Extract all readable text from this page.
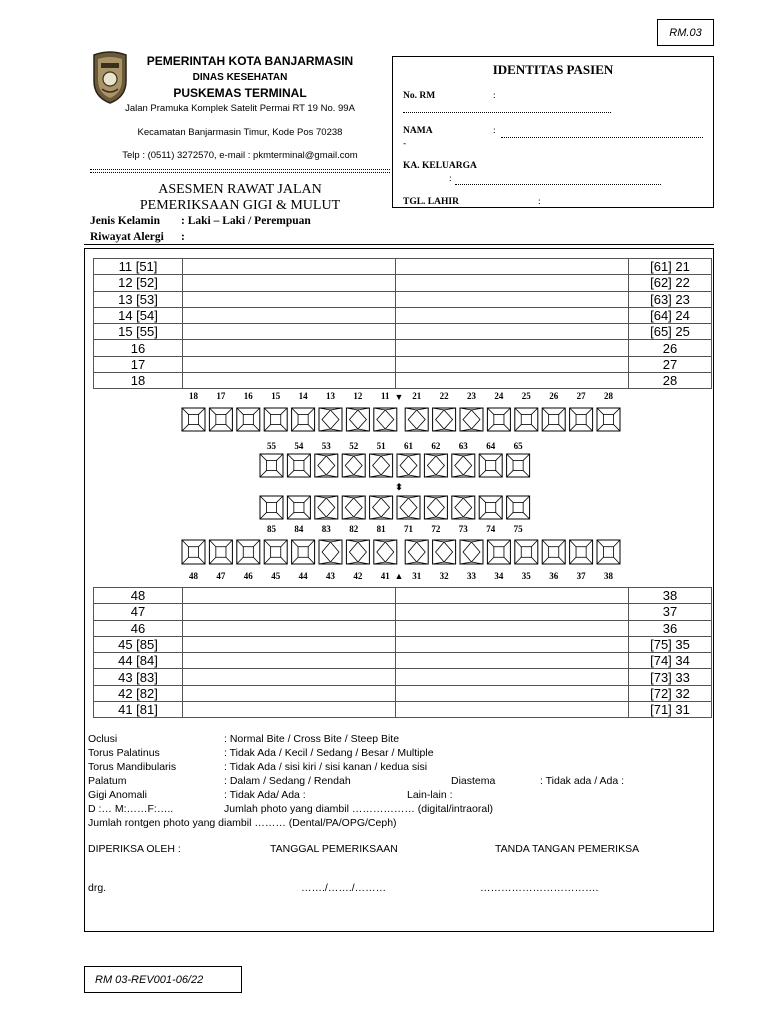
RM.03
PEMERINTAH KOTA BANJARMASIN
DINAS KESEHATAN
PUSKEMAS TERMINAL
Jalan Pramuka Komplek Satelit Permai RT 19 No. 99A
Kecamatan Banjarmasin Timur, Kode Pos 70238
Telp : (0511) 3272570, e-mail : pkmterminal@gmail.com
IDENTITAS PASIEN
No. RM	:
NAMA	:
-
KA. KELUARGA
:
TGL. LAHIR	:
ASESMEN RAWAT JALAN
PEMERIKSAAN GIGI & MULUT
Jenis Kelamin : Laki – Laki / Perempuan
Riwayat Alergi :
11 [51]			[61] 21
12 [52]			[62] 22
13 [53]			[63] 23
14 [54]			[64] 24
15 [55]			[65] 25
16			26
17			27
18			28
18 17 16 15 14 13 12 11	21 22 23 24 25 26 27 28
▼
55 54 53 52 51 61 62 63 64 65
⬍
85 84 83 82 81 71 72 73 74 75
48 47 46 45 44 43 42 41 31 32 33 34 35 36 37 38
▲
48			38
47			37
46			36
45 [85]			[75] 35
44 [84]			[74] 34
43 [83]			[73] 33
42 [82]			[72] 32
41 [81]			[71] 31
Oclusi	: Normal Bite / Cross Bite / Steep Bite
Torus Palatinus	: Tidak Ada / Kecil / Sedang / Besar / Multiple
Torus Mandibularis	: Tidak Ada / sisi kiri / sisi kanan / kedua sisi
Palatum	: Dalam / Sedang / Rendah	Diastema	: Tidak ada / Ada :
Gigi Anomali	: Tidak Ada/ Ada :	Lain-lain :
D :… M:……F:…..	Jumlah photo yang diambil ……………… (digital/intraoral)
Jumlah rontgen photo yang diambil ……… (Dental/PA/OPG/Ceph)
DIPERIKSA OLEH :	TANGGAL PEMERIKSAAN	TANDA TANGAN PEMERIKSA
drg.	……./……./………	…………………………….
RM 03-REV001-06/22
